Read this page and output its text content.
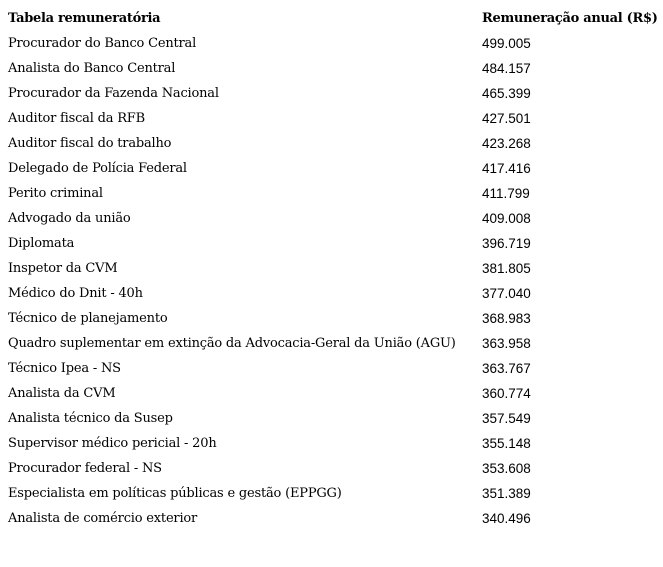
Tabela remuneratória	Remuneração anual (R$)
Procurador do Banco Central	499.005
Analista do Banco Central	484.157
Procurador da Fazenda Nacional	465.399
Auditor fiscal da RFB	427.501
Auditor fiscal do trabalho	423.268
Delegado de Polícia Federal	417.416
Perito criminal	411.799
Advogado da união	409.008
Diplomata	396.719
Inspetor da CVM	381.805
Médico do Dnit - 40h	377.040
Técnico de planejamento	368.983
Quadro suplementar em extinção da Advocacia-Geral da União (AGU)	363.958
Técnico Ipea - NS	363.767
Analista da CVM	360.774
Analista técnico da Susep	357.549
Supervisor médico pericial - 20h	355.148
Procurador federal - NS	353.608
Especialista em políticas públicas e gestão (EPPGG)	351.389
Analista de comércio exterior	340.496
